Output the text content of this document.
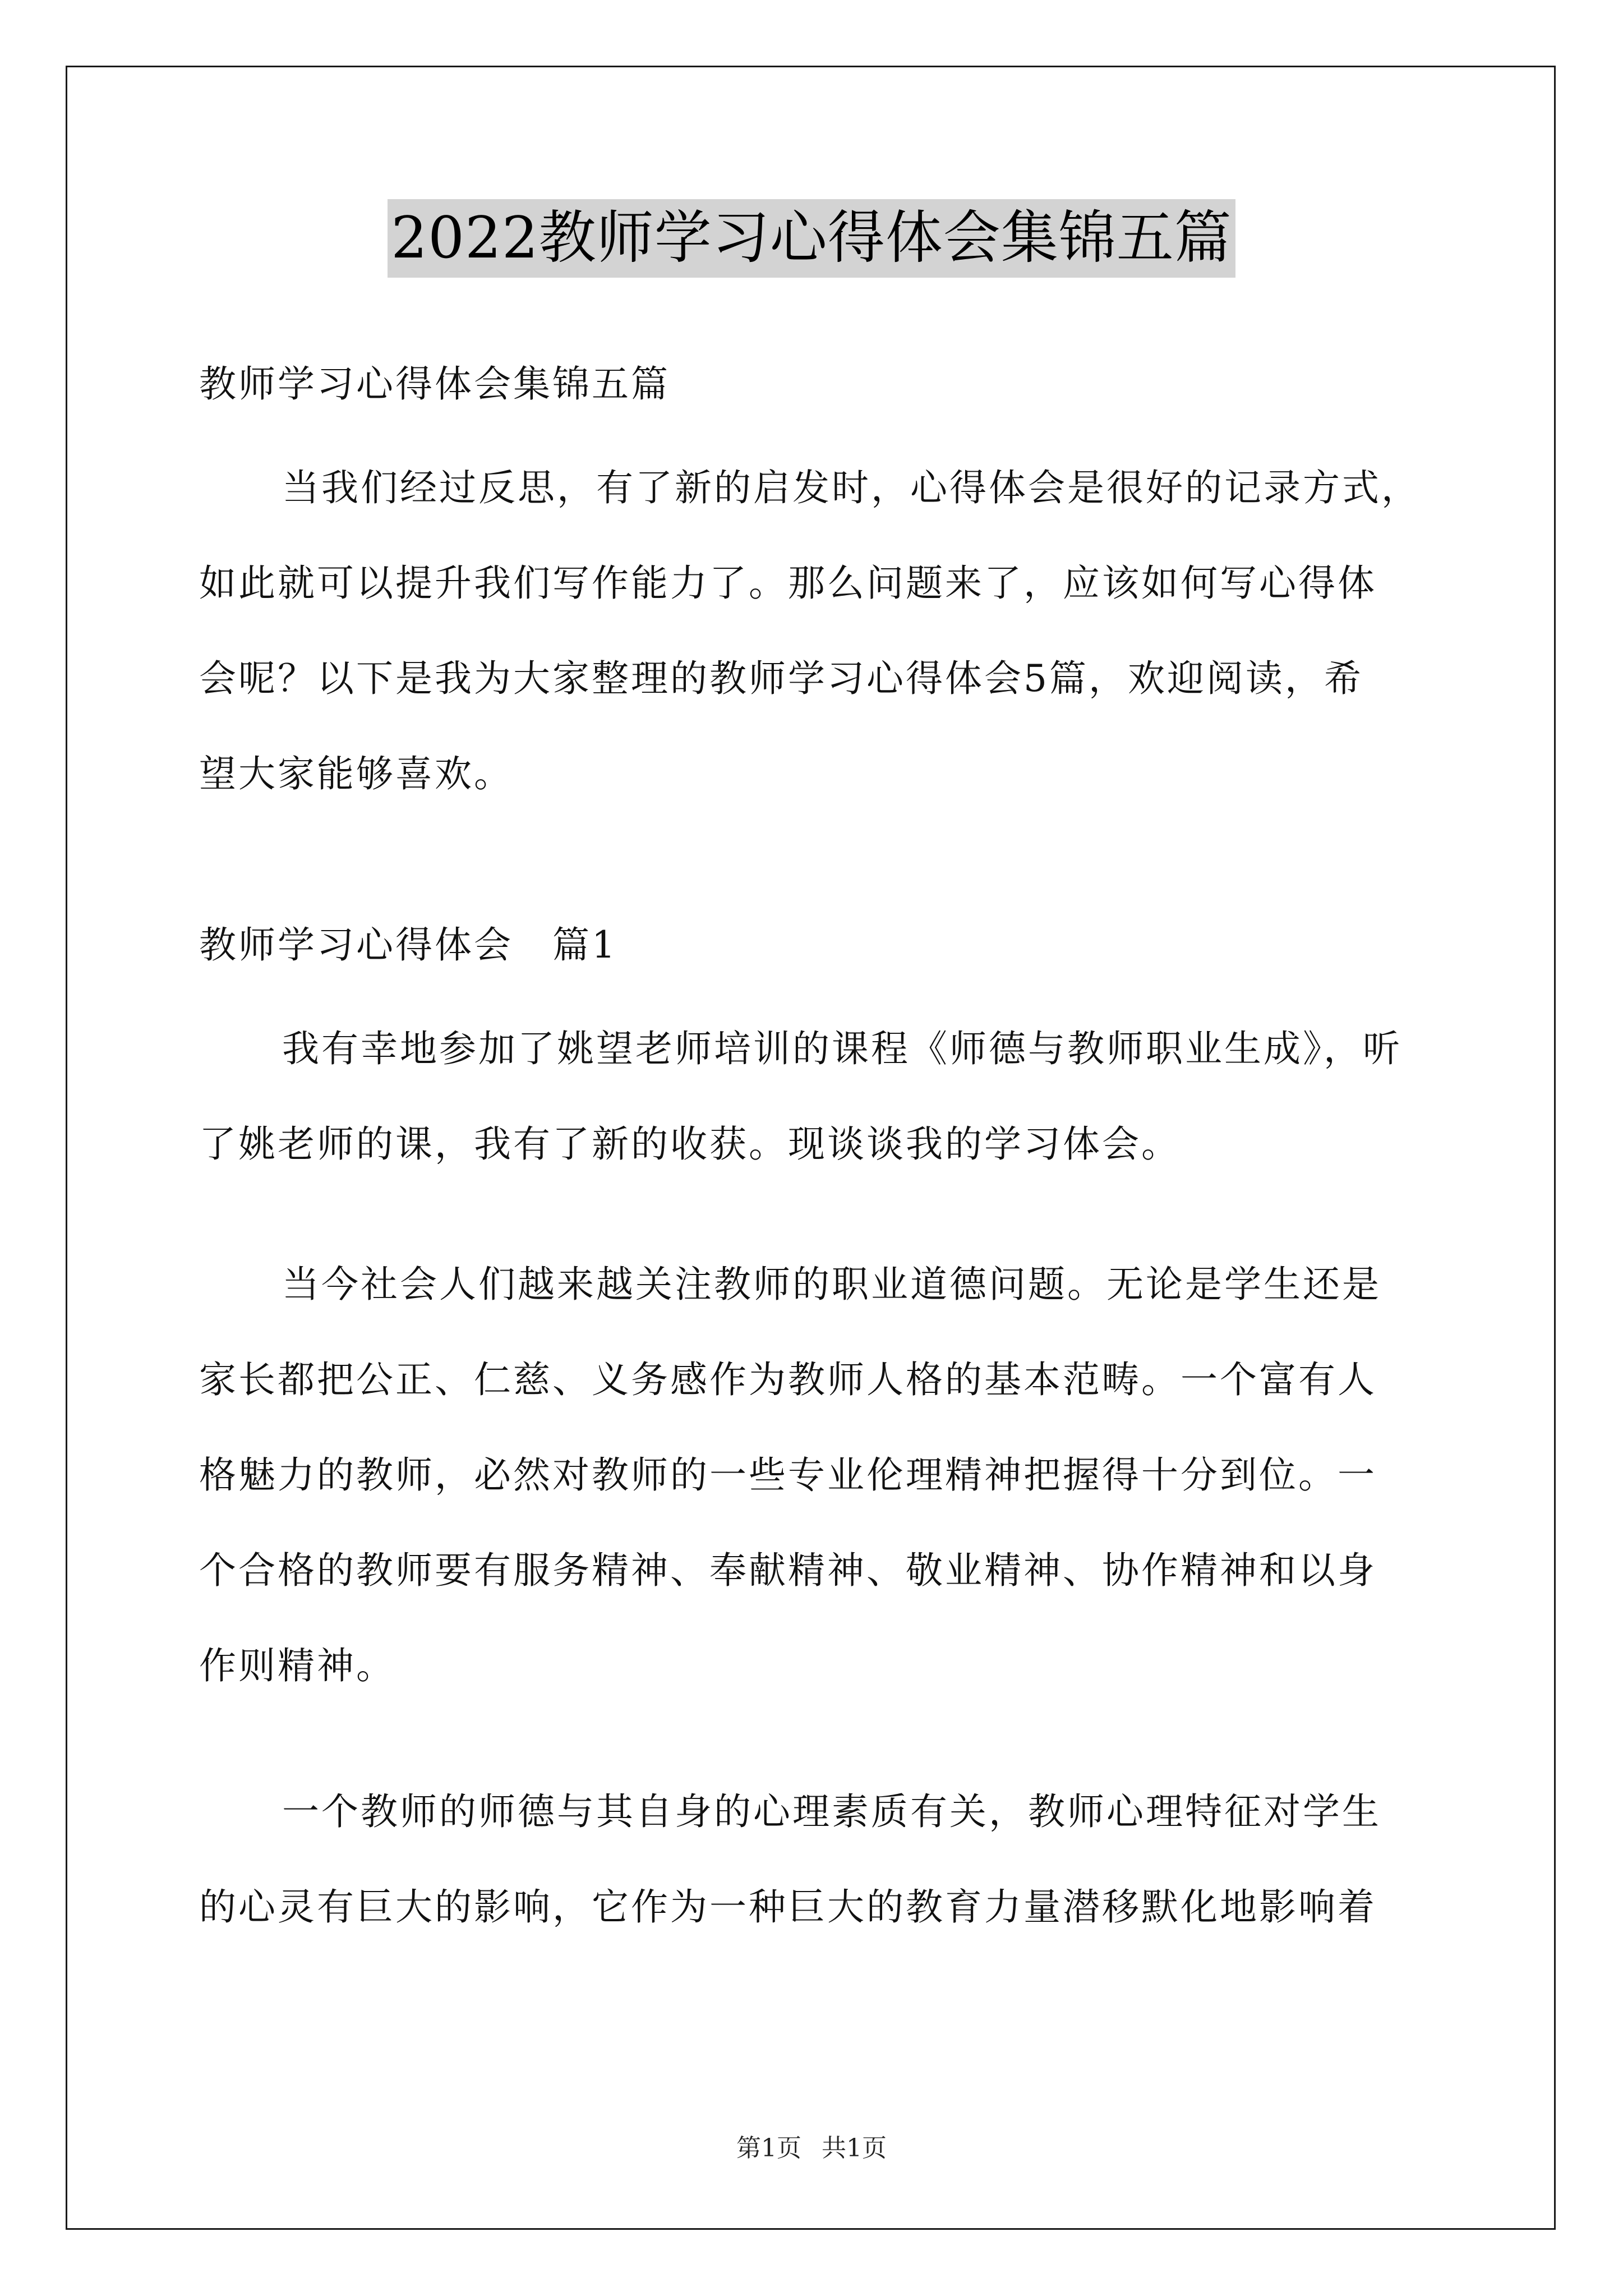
2022教师学习心得体会集锦五篇
教师学习心得体会集锦五篇
当我们经过反思，有了新的启发时，心得体会是很好的记录方式，
如此就可以提升我们写作能力了。那么问题来了，应该如何写心得体
会呢？以下是我为大家整理的教师学习心得体会5篇，欢迎阅读，希
望大家能够喜欢。
教师学习心得体会　篇1
我有幸地参加了姚望老师培训的课程《师德与教师职业生成》，听
了姚老师的课，我有了新的收获。现谈谈我的学习体会。
当今社会人们越来越关注教师的职业道德问题。无论是学生还是
家长都把公正、仁慈、义务感作为教师人格的基本范畴。一个富有人
格魅力的教师，必然对教师的一些专业伦理精神把握得十分到位。一
个合格的教师要有服务精神、奉献精神、敬业精神、协作精神和以身
作则精神。
一个教师的师德与其自身的心理素质有关，教师心理特征对学生
的心灵有巨大的影响，它作为一种巨大的教育力量潜移默化地影响着
第1页 共1页
